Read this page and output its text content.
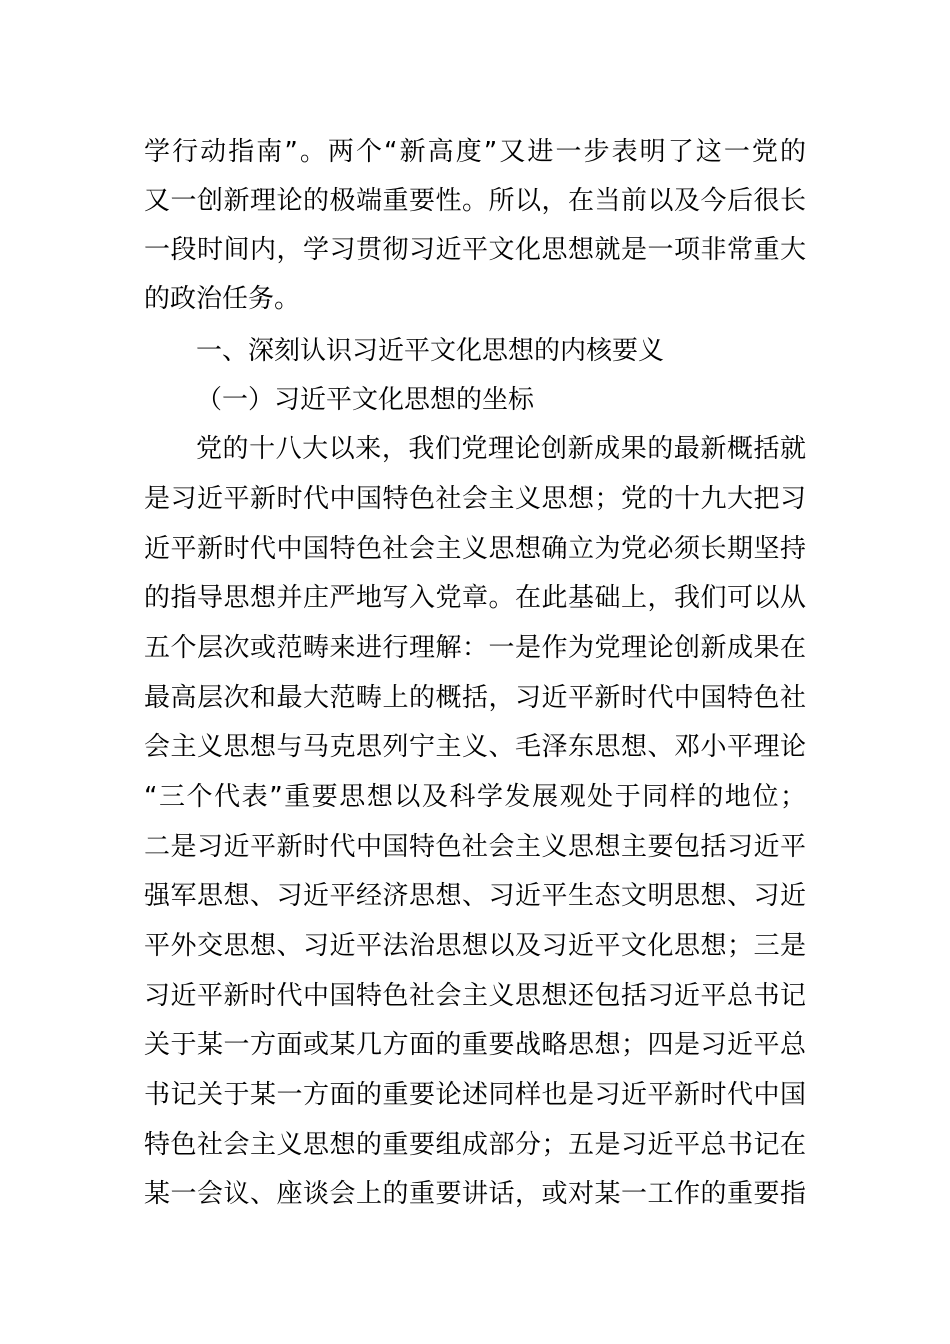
学行动指南”。两个“新高度”又进一步表明了这一党的
又一创新理论的极端重要性。所以，在当前以及今后很长
一段时间内，学习贯彻习近平文化思想就是一项非常重大
的政治任务。
一、深刻认识习近平文化思想的内核要义
（一）习近平文化思想的坐标
党的十八大以来，我们党理论创新成果的最新概括就
是习近平新时代中国特色社会主义思想；党的十九大把习
近平新时代中国特色社会主义思想确立为党必须长期坚持
的指导思想并庄严地写入党章。在此基础上，我们可以从
五个层次或范畴来进行理解：一是作为党理论创新成果在
最高层次和最大范畴上的概括，习近平新时代中国特色社
会主义思想与马克思列宁主义、毛泽东思想、邓小平理论
“三个代表”重要思想以及科学发展观处于同样的地位；
二是习近平新时代中国特色社会主义思想主要包括习近平
强军思想、习近平经济思想、习近平生态文明思想、习近
平外交思想、习近平法治思想以及习近平文化思想；三是
习近平新时代中国特色社会主义思想还包括习近平总书记
关于某一方面或某几方面的重要战略思想；四是习近平总
书记关于某一方面的重要论述同样也是习近平新时代中国
特色社会主义思想的重要组成部分；五是习近平总书记在
某一会议、座谈会上的重要讲话，或对某一工作的重要指
